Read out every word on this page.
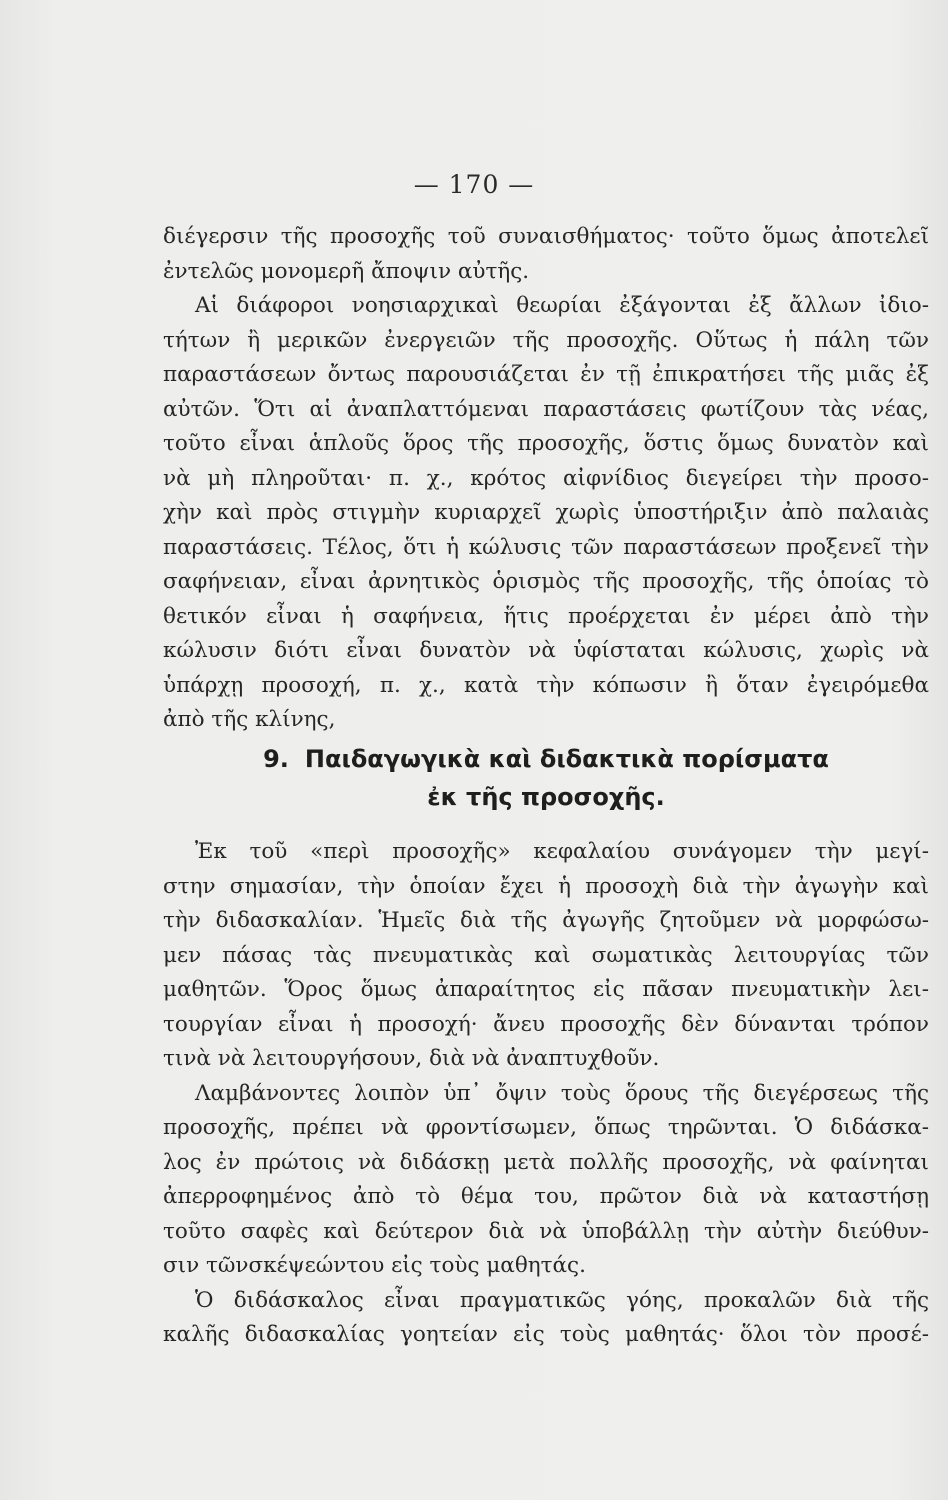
— 170 —
διέγερσιν τῆς προσοχῆς τοῦ συναισθήματος· τοῦτο ὅμως ἀποτελεῖ
ἐντελῶς μονομερῆ ἄποψιν αὐτῆς.
Αἱ διάφοροι νοησιαρχικαὶ θεωρίαι ἐξάγονται ἐξ ἄλλων ἰδιο-
τήτων ἢ μερικῶν ἐνεργειῶν τῆς προσοχῆς. Οὕτως ἡ πάλη τῶν
παραστάσεων ὄντως παρουσιάζεται ἐν τῇ ἐπικρατήσει τῆς μιᾶς ἐξ
αὐτῶν. Ὅτι αἱ ἀναπλαττόμεναι παραστάσεις φωτίζουν τὰς νέας,
τοῦτο εἶναι ἁπλοῦς ὅρος τῆς προσοχῆς, ὅστις ὅμως δυνατὸν καὶ
νὰ μὴ πληροῦται· π. χ., κρότος αἰφνίδιος διεγείρει τὴν προσο-
χὴν καὶ πρὸς στιγμὴν κυριαρχεῖ χωρὶς ὑποστήριξιν ἀπὸ παλαιὰς
παραστάσεις. Τέλος, ὅτι ἡ κώλυσις τῶν παραστάσεων προξενεῖ τὴν
σαφήνειαν, εἶναι ἀρνητικὸς ὁρισμὸς τῆς προσοχῆς, τῆς ὁποίας τὸ
θετικόν εἶναι ἡ σαφήνεια, ἥτις προέρχεται ἐν μέρει ἀπὸ τὴν
κώλυσιν διότι εἶναι δυνατὸν νὰ ὑφίσταται κώλυσις, χωρὶς νὰ
ὑπάρχῃ προσοχή, π. χ., κατὰ τὴν κόπωσιν ἢ ὅταν ἐγειρόμεθα
ἀπὸ τῆς κλίνης,
9. Παιδαγωγικὰ καὶ διδακτικὰ πορίσματα
ἐκ τῆς προσοχῆς.
Ἐκ τοῦ «περὶ προσοχῆς» κεφαλαίου συνάγομεν τὴν μεγί-
στην σημασίαν, τὴν ὁποίαν ἔχει ἡ προσοχὴ διὰ τὴν ἀγωγὴν καὶ
τὴν διδασκαλίαν. Ἡμεῖς διὰ τῆς ἀγωγῆς ζητοῦμεν νὰ μορφώσω-
μεν πάσας τὰς πνευματικὰς καὶ σωματικὰς λειτουργίας τῶν
μαθητῶν. Ὅρος ὅμως ἀπαραίτητος εἰς πᾶσαν πνευματικὴν λει-
τουργίαν εἶναι ἡ προσοχή· ἄνευ προσοχῆς δὲν δύνανται τρόπον
τινὰ νὰ λειτουργήσουν, διὰ νὰ ἀναπτυχθοῦν.
Λαμβάνοντες λοιπὸν ὑπ᾽ ὄψιν τοὺς ὅρους τῆς διεγέρσεως τῆς
προσοχῆς, πρέπει νὰ φροντίσωμεν, ὅπως τηρῶνται. Ὁ διδάσκα-
λος ἐν πρώτοις νὰ διδάσκῃ μετὰ πολλῆς προσοχῆς, νὰ φαίνηται
ἀπερροφημένος ἀπὸ τὸ θέμα του, πρῶτον διὰ νὰ καταστήσῃ
τοῦτο σαφὲς καὶ δεύτερον διὰ νὰ ὑποβάλλῃ τὴν αὐτὴν διεύθυν-
σιν τῶνσκέψεώντου εἰς τοὺς μαθητάς.
Ὁ διδάσκαλος εἶναι πραγματικῶς γόης, προκαλῶν διὰ τῆς
καλῆς διδασκαλίας γοητείαν εἰς τοὺς μαθητάς· ὅλοι τὸν προσέ-
